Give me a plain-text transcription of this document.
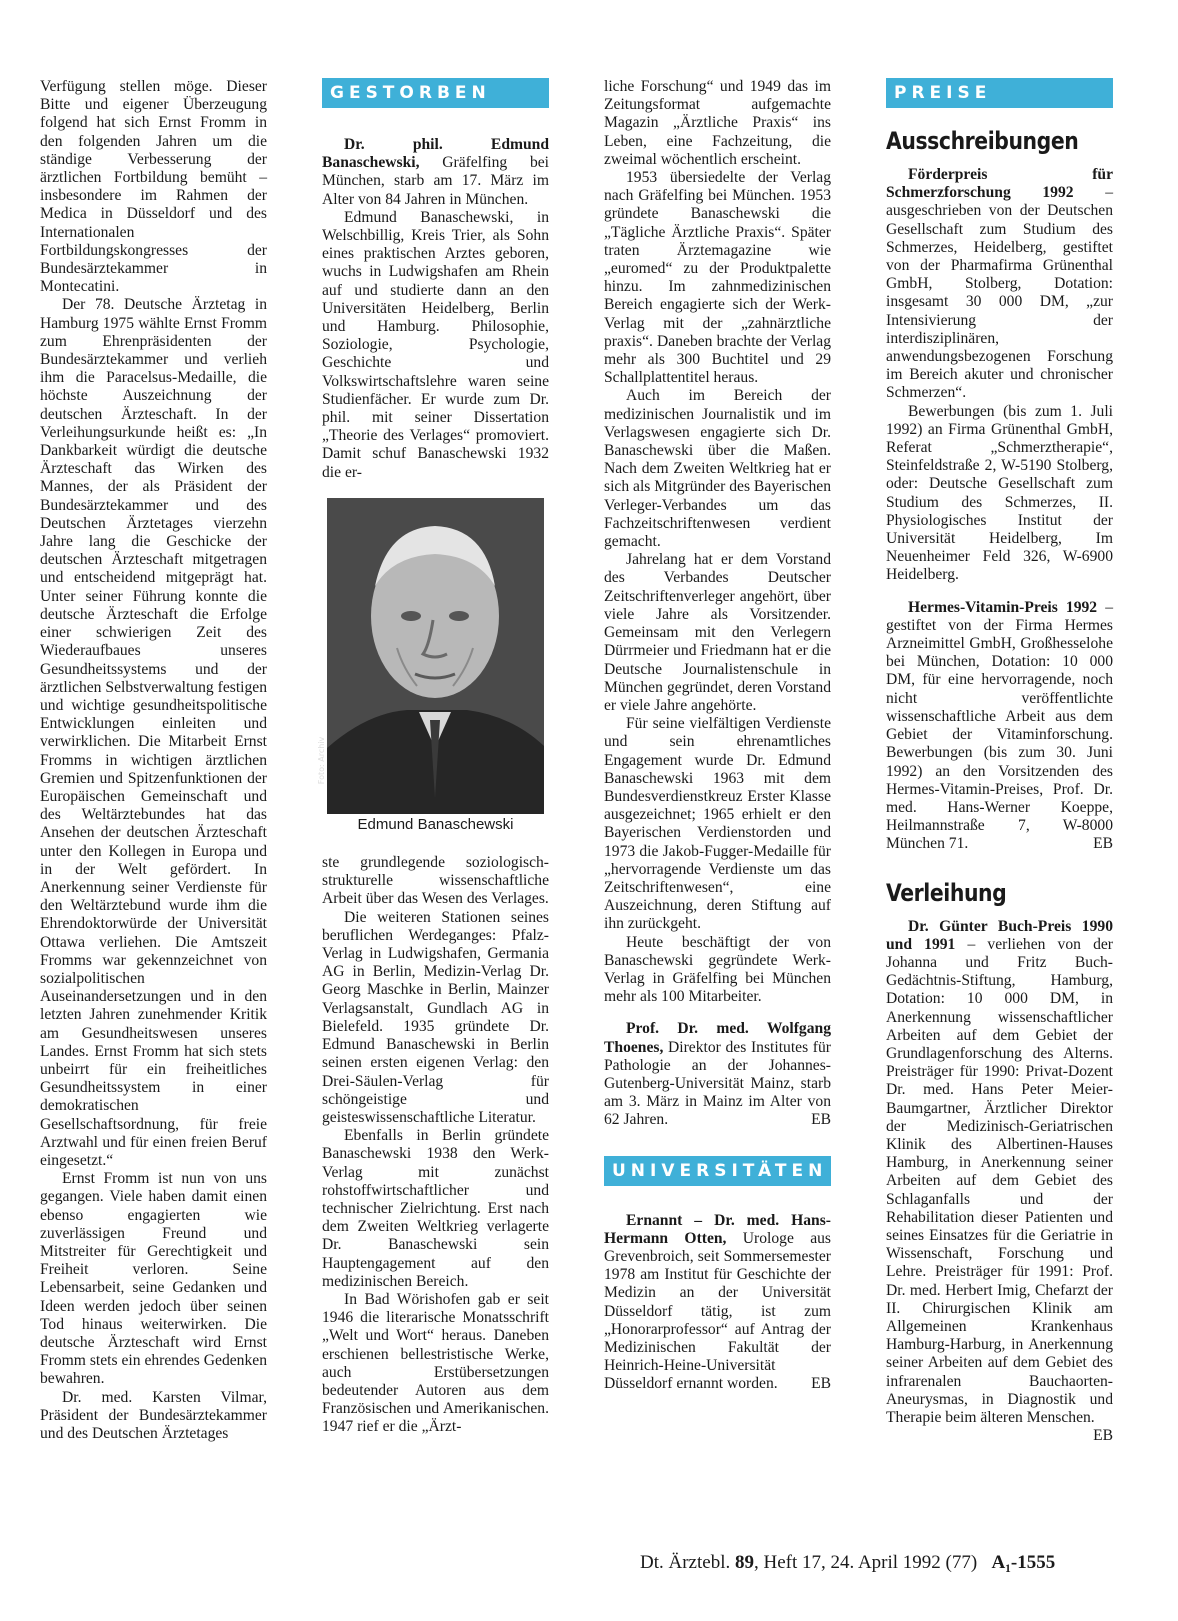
Verfügung stellen möge. Dieser Bitte und eigener Überzeugung folgend hat sich Ernst Fromm in den folgenden Jahren um die ständige Verbesserung der ärztlichen Fortbildung bemüht – insbesondere im Rahmen der Medica in Düsseldorf und des Internationalen Fortbildungskongresses der Bundesärztekammer in Montecatini.

Der 78. Deutsche Ärztetag in Hamburg 1975 wählte Ernst Fromm zum Ehrenpräsidenten der Bundesärztekammer und verlieh ihm die Paracelsus-Medaille, die höchste Auszeichnung der deutschen Ärzteschaft. In der Verleihungsurkunde heißt es: „In Dankbarkeit würdigt die deutsche Ärzteschaft das Wirken des Mannes, der als Präsident der Bundesärztekammer und des Deutschen Ärztetages vierzehn Jahre lang die Geschicke der deutschen Ärzteschaft mitgetragen und entscheidend mitgeprägt hat. Unter seiner Führung konnte die deutsche Ärzteschaft die Erfolge einer schwierigen Zeit des Wiederaufbaues unseres Gesundheitssystems und der ärztlichen Selbstverwaltung festigen und wichtige gesundheitspolitische Entwicklungen einleiten und verwirklichen. Die Mitarbeit Ernst Fromms in wichtigen ärztlichen Gremien und Spitzenfunktionen der Europäischen Gemeinschaft und des Weltärztebundes hat das Ansehen der deutschen Ärzteschaft unter den Kollegen in Europa und in der Welt gefördert. In Anerkennung seiner Verdienste für den Weltärztebund wurde ihm die Ehrendoktorwürde der Universität Ottawa verliehen. Die Amtszeit Fromms war gekennzeichnet von sozialpolitischen Auseinandersetzungen und in den letzten Jahren zunehmender Kritik am Gesundheitswesen unseres Landes. Ernst Fromm hat sich stets unbeirrt für ein freiheitliches Gesundheitssystem in einer demokratischen Gesellschaftsordnung, für freie Arztwahl und für einen freien Beruf eingesetzt.“

Ernst Fromm ist nun von uns gegangen. Viele haben damit einen ebenso engagierten wie zuverlässigen Freund und Mitstreiter für Gerechtigkeit und Freiheit verloren. Seine Lebensarbeit, seine Gedanken und Ideen werden jedoch über seinen Tod hinaus weiterwirken. Die deutsche Ärzteschaft wird Ernst Fromm stets ein ehrendes Gedenken bewahren.

Dr. med. Karsten Vilmar, Präsident der Bundesärztekammer und des Deutschen Ärztetages

GESTORBEN

Dr. phil. Edmund Banaschewski, Gräfelfing bei München, starb am 17. März im Alter von 84 Jahren in München.

Edmund Banaschewski, in Welschbillig, Kreis Trier, als Sohn eines praktischen Arztes geboren, wuchs in Ludwigshafen am Rhein auf und studierte dann an den Universitäten Heidelberg, Berlin und Hamburg. Philosophie, Soziologie, Psychologie, Geschichte und Volkswirtschaftslehre waren seine Studienfächer. Er wurde zum Dr. phil. mit seiner Dissertation „Theorie des Verlages“ promoviert. Damit schuf Banaschewski 1932 die er-

Foto: Archiv
Edmund Banaschewski

ste grundlegende soziologisch-strukturelle wissenschaftliche Arbeit über das Wesen des Verlages.

Die weiteren Stationen seines beruflichen Werdeganges: Pfalz-Verlag in Ludwigshafen, Germania AG in Berlin, Medizin-Verlag Dr. Georg Maschke in Berlin, Mainzer Verlagsanstalt, Gundlach AG in Bielefeld. 1935 gründete Dr. Edmund Banaschewski in Berlin seinen ersten eigenen Verlag: den Drei-Säulen-Verlag für schöngeistige und geisteswissenschaftliche Literatur.

Ebenfalls in Berlin gründete Banaschewski 1938 den Werk-Verlag mit zunächst rohstoffwirtschaftlicher und technischer Zielrichtung. Erst nach dem Zweiten Weltkrieg verlagerte Dr. Banaschewski sein Hauptengagement auf den medizinischen Bereich.

In Bad Wörishofen gab er seit 1946 die literarische Monatsschrift „Welt und Wort“ heraus. Daneben erschienen bellestristische Werke, auch Erstübersetzungen bedeutender Autoren aus dem Französischen und Amerikanischen. 1947 rief er die „Ärzt-

liche Forschung“ und 1949 das im Zeitungsformat aufgemachte Magazin „Ärztliche Praxis“ ins Leben, eine Fachzeitung, die zweimal wöchentlich erscheint.

1953 übersiedelte der Verlag nach Gräfelfing bei München. 1953 gründete Banaschewski die „Tägliche Ärztliche Praxis“. Später traten Ärztemagazine wie „euromed“ zu der Produktpalette hinzu. Im zahnmedizinischen Bereich engagierte sich der Werk-Verlag mit der „zahnärztliche praxis“. Daneben brachte der Verlag mehr als 300 Buchtitel und 29 Schallplattentitel heraus.

Auch im Bereich der medizinischen Journalistik und im Verlagswesen engagierte sich Dr. Banaschewski über die Maßen. Nach dem Zweiten Weltkrieg hat er sich als Mitgründer des Bayerischen Verleger-Verbandes um das Fachzeitschriftenwesen verdient gemacht.

Jahrelang hat er dem Vorstand des Verbandes Deutscher Zeitschriftenverleger angehört, über viele Jahre als Vorsitzender. Gemeinsam mit den Verlegern Dürrmeier und Friedmann hat er die Deutsche Journalistenschule in München gegründet, deren Vorstand er viele Jahre angehörte.

Für seine vielfältigen Verdienste und sein ehrenamtliches Engagement wurde Dr. Edmund Banaschewski 1963 mit dem Bundesverdienstkreuz Erster Klasse ausgezeichnet; 1965 erhielt er den Bayerischen Verdienstorden und 1973 die Jakob-Fugger-Medaille für „hervorragende Verdienste um das Zeitschriftenwesen“, eine Auszeichnung, deren Stiftung auf ihn zurückgeht.

Heute beschäftigt der von Banaschewski gegründete Werk-Verlag in Gräfelfing bei München mehr als 100 Mitarbeiter.

Prof. Dr. med. Wolfgang Thoenes, Direktor des Institutes für Pathologie an der Johannes-Gutenberg-Universität Mainz, starb am 3. März in Mainz im Alter von 62 Jahren.	EB

UNIVERSITÄTEN

Ernannt – Dr. med. Hans-Hermann Otten, Urologe aus Grevenbroich, seit Sommersemester 1978 am Institut für Geschichte der Medizin an der Universität Düsseldorf tätig, ist zum „Honorarprofessor“ auf Antrag der Medizinischen Fakultät der Heinrich-Heine-Universität Düsseldorf ernannt worden.	EB

PREISE
Ausschreibungen

Förderpreis für Schmerzforschung 1992 – ausgeschrieben von der Deutschen Gesellschaft zum Studium des Schmerzes, Heidelberg, gestiftet von der Pharmafirma Grünenthal GmbH, Stolberg, Dotation: insgesamt 30 000 DM, „zur Intensivierung der interdisziplinären, anwendungsbezogenen Forschung im Bereich akuter und chronischer Schmerzen“.

Bewerbungen (bis zum 1. Juli 1992) an Firma Grünenthal GmbH, Referat „Schmerztherapie“, Steinfeldstraße 2, W-5190 Stolberg, oder: Deutsche Gesellschaft zum Studium des Schmerzes, II. Physiologisches Institut der Universität Heidelberg, Im Neuenheimer Feld 326, W-6900 Heidelberg.

Hermes-Vitamin-Preis 1992 – gestiftet von der Firma Hermes Arzneimittel GmbH, Großhesselohe bei München, Dotation: 10 000 DM, für eine hervorragende, noch nicht veröffentlichte wissenschaftliche Arbeit aus dem Gebiet der Vitaminforschung. Bewerbungen (bis zum 30. Juni 1992) an den Vorsitzenden des Hermes-Vitamin-Preises, Prof. Dr. med. Hans-Werner Koeppe, Heilmannstraße 7, W-8000 München 71.	EB

Verleihung

Dr. Günter Buch-Preis 1990 und 1991 – verliehen von der Johanna und Fritz Buch-Gedächtnis-Stiftung, Hamburg, Dotation: 10 000 DM, in Anerkennung wissenschaftlicher Arbeiten auf dem Gebiet der Grundlagenforschung des Alterns. Preisträger für 1990: Privat-Dozent Dr. med. Hans Peter Meier-Baumgartner, Ärztlicher Direktor der Medizinisch-Geriatrischen Klinik des Albertinen-Hauses Hamburg, in Anerkennung seiner Arbeiten auf dem Gebiet des Schlaganfalls und der Rehabilitation dieser Patienten und seines Einsatzes für die Geriatrie in Wissenschaft, Forschung und Lehre. Preisträger für 1991: Prof. Dr. med. Herbert Imig, Chefarzt der II. Chirurgischen Klinik am Allgemeinen Krankenhaus Hamburg-Harburg, in Anerkennung seiner Arbeiten auf dem Gebiet des infrarenalen Bauchaorten-Aneurysmas, in Diagnostik und Therapie beim älteren Menschen.
EB

Dt. Ärztebl. 89, Heft 17, 24. April 1992 (77) A₁-1555
